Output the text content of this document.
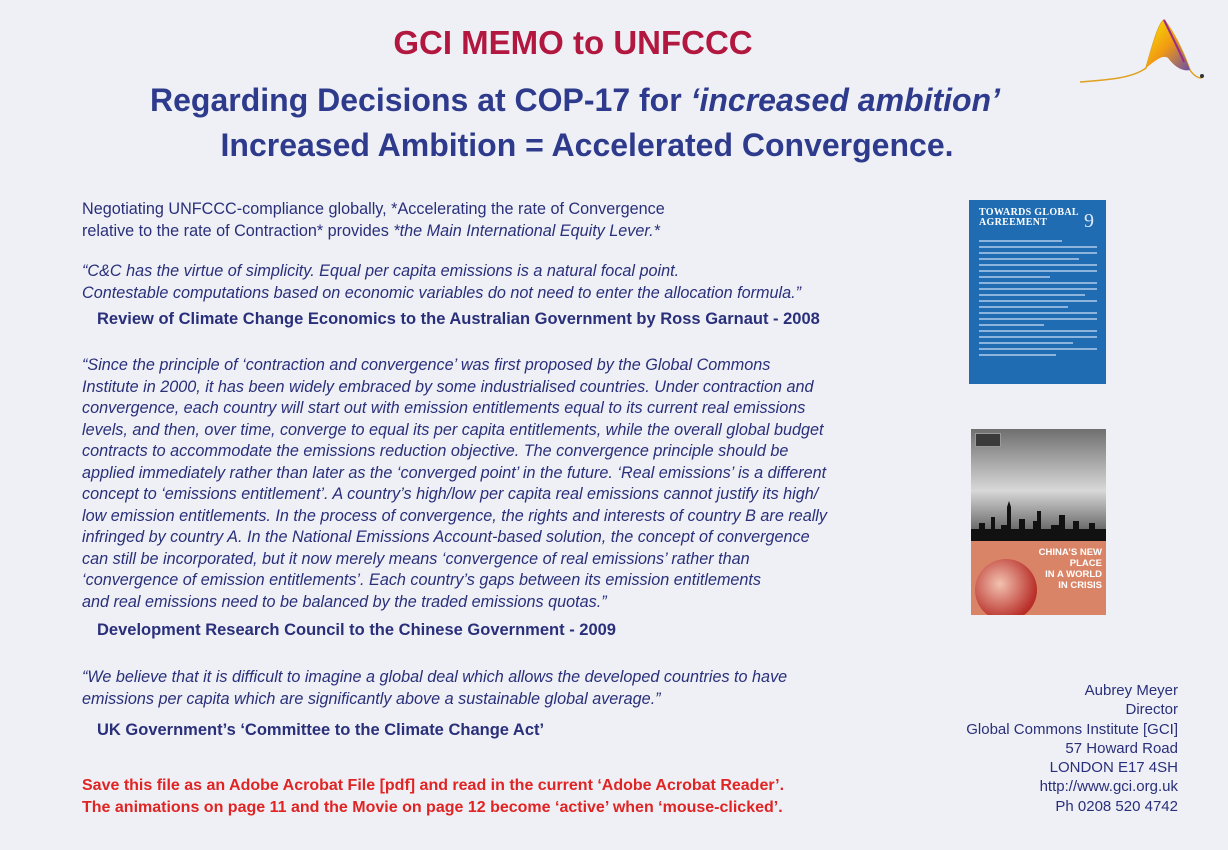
GCI MEMO to UNFCCC
Regarding Decisions at COP-17 for ‘increased ambition’
Increased Ambition = Accelerated Convergence.
Negotiating UNFCCC-compliance globally, *Accelerating the rate of Convergence
relative to the rate of Contraction* provides *the Main International Equity Lever.*
“C&C has the virtue of simplicity. Equal per capita emissions is a natural focal point.
Contestable computations based on economic variables do not need to enter the allocation formula.”
Review of Climate Change Economics to the Australian Government by Ross Garnaut - 2008
“Since the principle of ‘contraction and convergence’ was first proposed by the Global Commons
Institute in 2000, it has been widely embraced by some industrialised countries. Under contraction and
convergence, each country will start out with emission entitlements equal to its current real emissions
levels, and then, over time, converge to equal its per capita entitlements, while the overall global budget
contracts to accommodate the emissions reduction objective. The convergence principle should be
applied immediately rather than later as the ‘converged point’ in the future. ‘Real emissions’ is a different
concept to ‘emissions entitlement’. A country’s high/low per capita real emissions cannot justify its high/
low emission entitlements. In the process of convergence, the rights and interests of country B are really
infringed by country A. In the National Emissions Account-based solution, the concept of convergence
can still be incorporated, but it now merely means ‘convergence of real emissions’ rather than
‘convergence of emission entitlements’. Each country’s gaps between its emission entitlements
and real emissions need to be balanced by the traded emissions quotas.”
Development Research Council to the Chinese Government - 2009
“We believe that it is difficult to imagine a global deal which allows the developed countries to have
emissions per capita which are significantly above a sustainable global average.”
UK Government’s ‘Committee to the Climate Change Act’
Save this file as an Adobe Acrobat File [pdf] and read in the current ‘Adobe Acrobat Reader’.
The animations on page 11 and the Movie on page 12 become ‘active’ when ‘mouse-clicked’.
Aubrey Meyer
Director
Global Commons Institute [GCI]
57 Howard Road
LONDON E17 4SH
http://www.gci.org.uk
Ph 0208 520 4742
TOWARDS GLOBAL
AGREEMENT	9
CHINA’S NEW PLACE
IN A WORLD
IN CRISIS
